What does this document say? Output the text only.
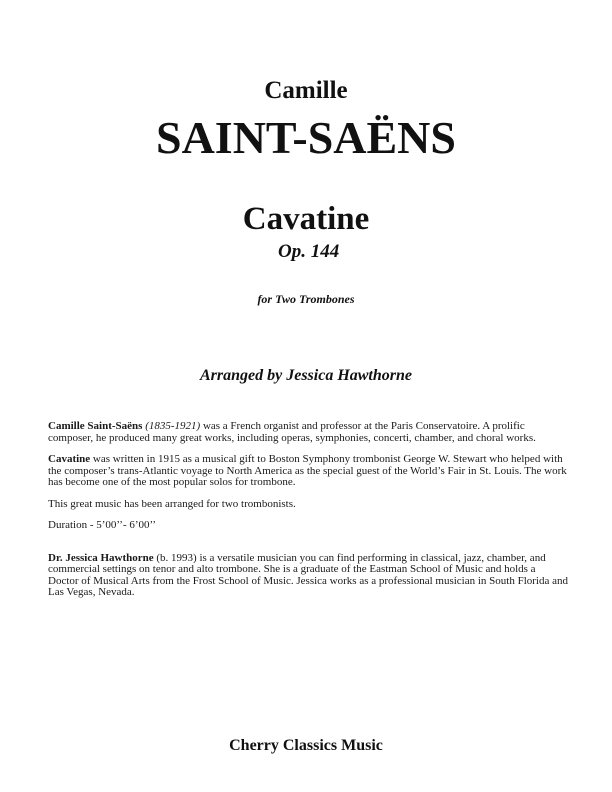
Camille

SAINT-SAËNS

Cavatine

Op. 144

for Two Trombones

Arranged by Jessica Hawthorne

Camille Saint-Saëns (1835-1921) was a French organist and professor at the Paris Conservatoire. A prolific composer, he produced many great works, including operas, symphonies, concerti, chamber, and choral works.

Cavatine was written in 1915 as a musical gift to Boston Symphony trombonist George W. Stewart who helped with the composer’s trans-Atlantic voyage to North America as the special guest of the World’s Fair in St. Louis. The work has become one of the most popular solos for trombone.

This great music has been arranged for two trombonists.

Duration - 5’00’’- 6’00’’

Dr. Jessica Hawthorne (b. 1993) is a versatile musician you can find performing in classical, jazz, chamber, and commercial settings on tenor and alto trombone. She is a graduate of the Eastman School of Music and holds a Doctor of Musical Arts from the Frost School of Music. Jessica works as a professional musician in South Florida and Las Vegas, Nevada.

Cherry Classics Music
